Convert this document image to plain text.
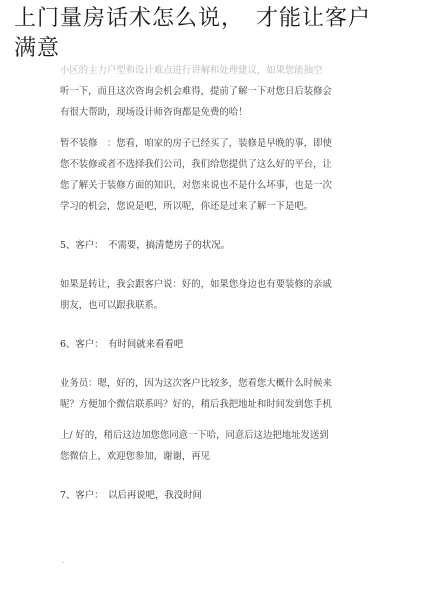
上门量房话术怎么说，　才能让客户
满意

小区的主力户型和设计难点进行讲解和处理建议，如果您能抽空

听一下，而且这次咨询会机会难得，提前了解一下对您日后装修会

有很大帮助，现场设计师咨询都是免费的哈！

暂不装修　：您看，咱家的房子已经买了，装修是早晚的事，即使

您不装修或者不选择我们公司，我们给您提供了这么好的平台，让

您了解关于装修方面的知识，对您来说也不是什么坏事，也是一次

学习的机会，您说是吧，所以呢，你还是过来了解一下是吧。

5、客户：　不需要，搞清楚房子的状况。

如果是转让，我会跟客户说：好的，如果您身边也有要装修的亲戚

朋友，也可以跟我联系。

6、客户：　有时间就来看看吧

业务员：嗯，好的，因为这次客户比较多，您看您大概什么时候来

呢？方便加个微信联系吗？好的，稍后我把地址和时间发到您手机

上/ 好的，稍后这边加您您同意一下哈，同意后这边把地址发送到

您微信上，欢迎您参加，谢谢，再见

7、客户：　以后再说吧，我没时间

.
